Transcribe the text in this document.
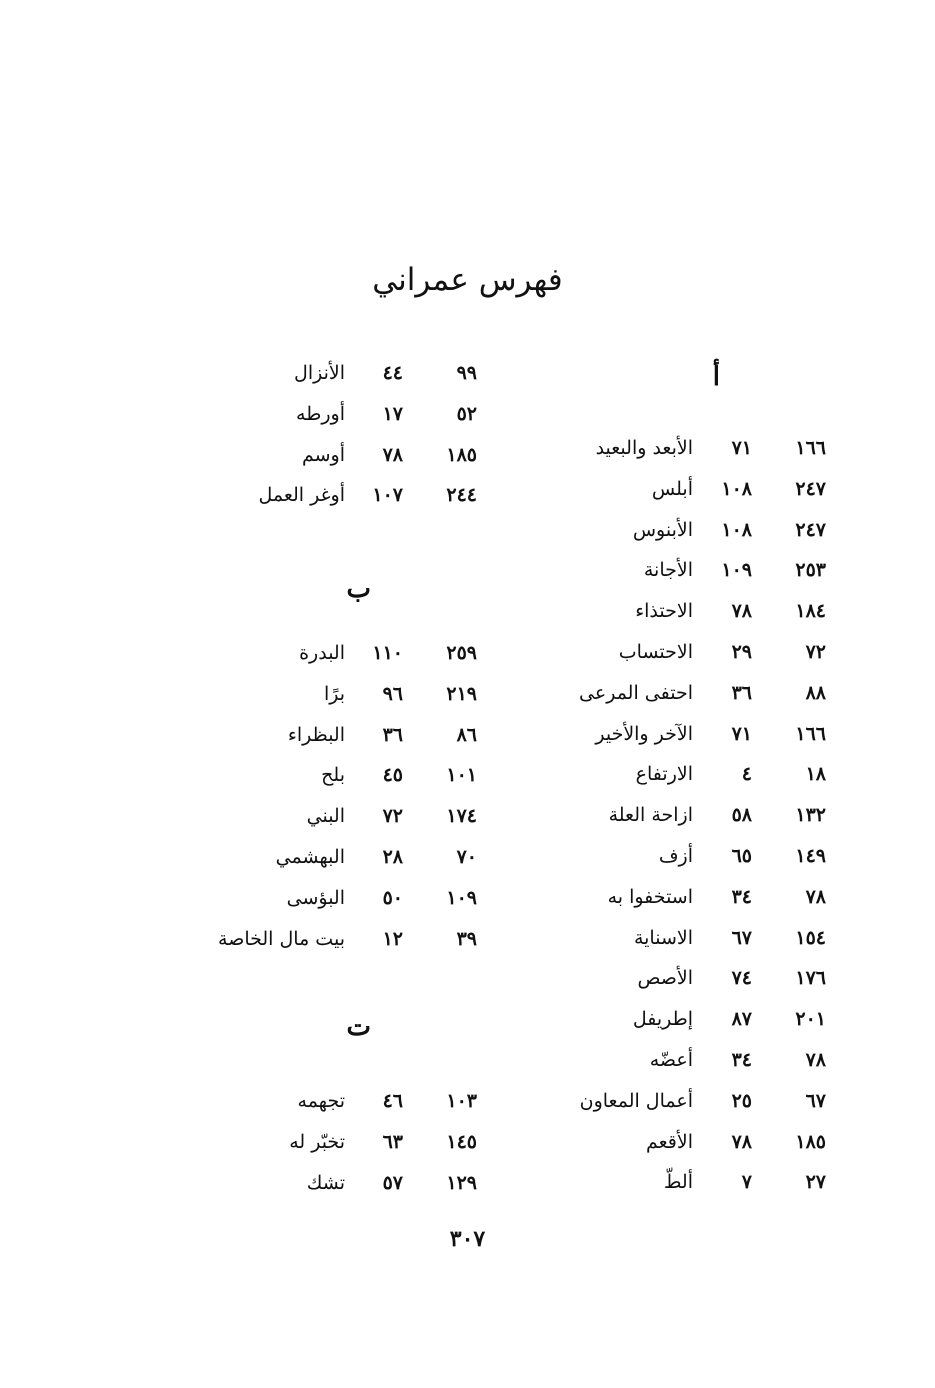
فهرس عمراني
أ
١٦٦
٧١
الأبعد والبعيد
٢٤٧
١٠٨
أبلس
٢٤٧
١٠٨
الأبنوس
٢٥٣
١٠٩
الأجانة
١٨٤
٧٨
الاحتذاء
٧٢
٢٩
الاحتساب
٨٨
٣٦
احتفى المرعى
١٦٦
٧١
الآخر والأخير
١٨
٤
الارتفاع
١٣٢
٥٨
ازاحة العلة
١٤٩
٦٥
أزف
٧٨
٣٤
استخفوا به
١٥٤
٦٧
الاسناية
١٧٦
٧٤
الأصص
٢٠١
٨٧
إطريفل
٧٨
٣٤
أعضّه
٦٧
٢٥
أعمال المعاون
١٨٥
٧٨
الأقعم
٢٧
٧
ألطّ
٩٩
٤٤
الأنزال
٥٢
١٧
أورطه
١٨٥
٧٨
أوسم
٢٤٤
١٠٧
أوغر العمل
ب
٢٥٩
١١٠
البدرة
٢١٩
٩٦
برًا
٨٦
٣٦
البظراء
١٠١
٤٥
بلح
١٧٤
٧٢
البني
٧٠
٢٨
البهشمي
١٠٩
٥٠
البؤسى
٣٩
١٢
بيت مال الخاصة
ت
١٠٣
٤٦
تجهمه
١٤٥
٦٣
تخبّر له
١٢٩
٥٧
تشك
٣٠٧
